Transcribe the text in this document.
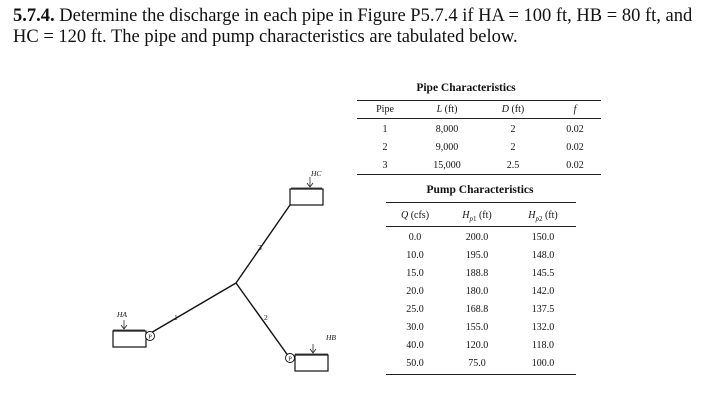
5.7.4. Determine the discharge in each pipe in Figure P5.7.4 if HA = 100 ft, HB = 80 ft, and HC = 120 ft. The pipe and pump characteristics are tabulated below.
Pipe Characteristics
Pipe	L (ft)	D (ft)	f
1	8,000	2	0.02
2	9,000	2	0.02
3	15,000	2.5	0.02
Pump Characteristics
Q (cfs)	$H_{p1}$ (ft)	$H_{p2}$ (ft)
0.0	200.0	150.0
10.0	195.0	148.0
15.0	188.8	145.5
20.0	180.0	142.0
25.0	168.8	137.5
30.0	155.0	132.0
40.0	120.0	118.0
50.0	75.0	100.0
HC
HA
P	HB
P
3
1	2
